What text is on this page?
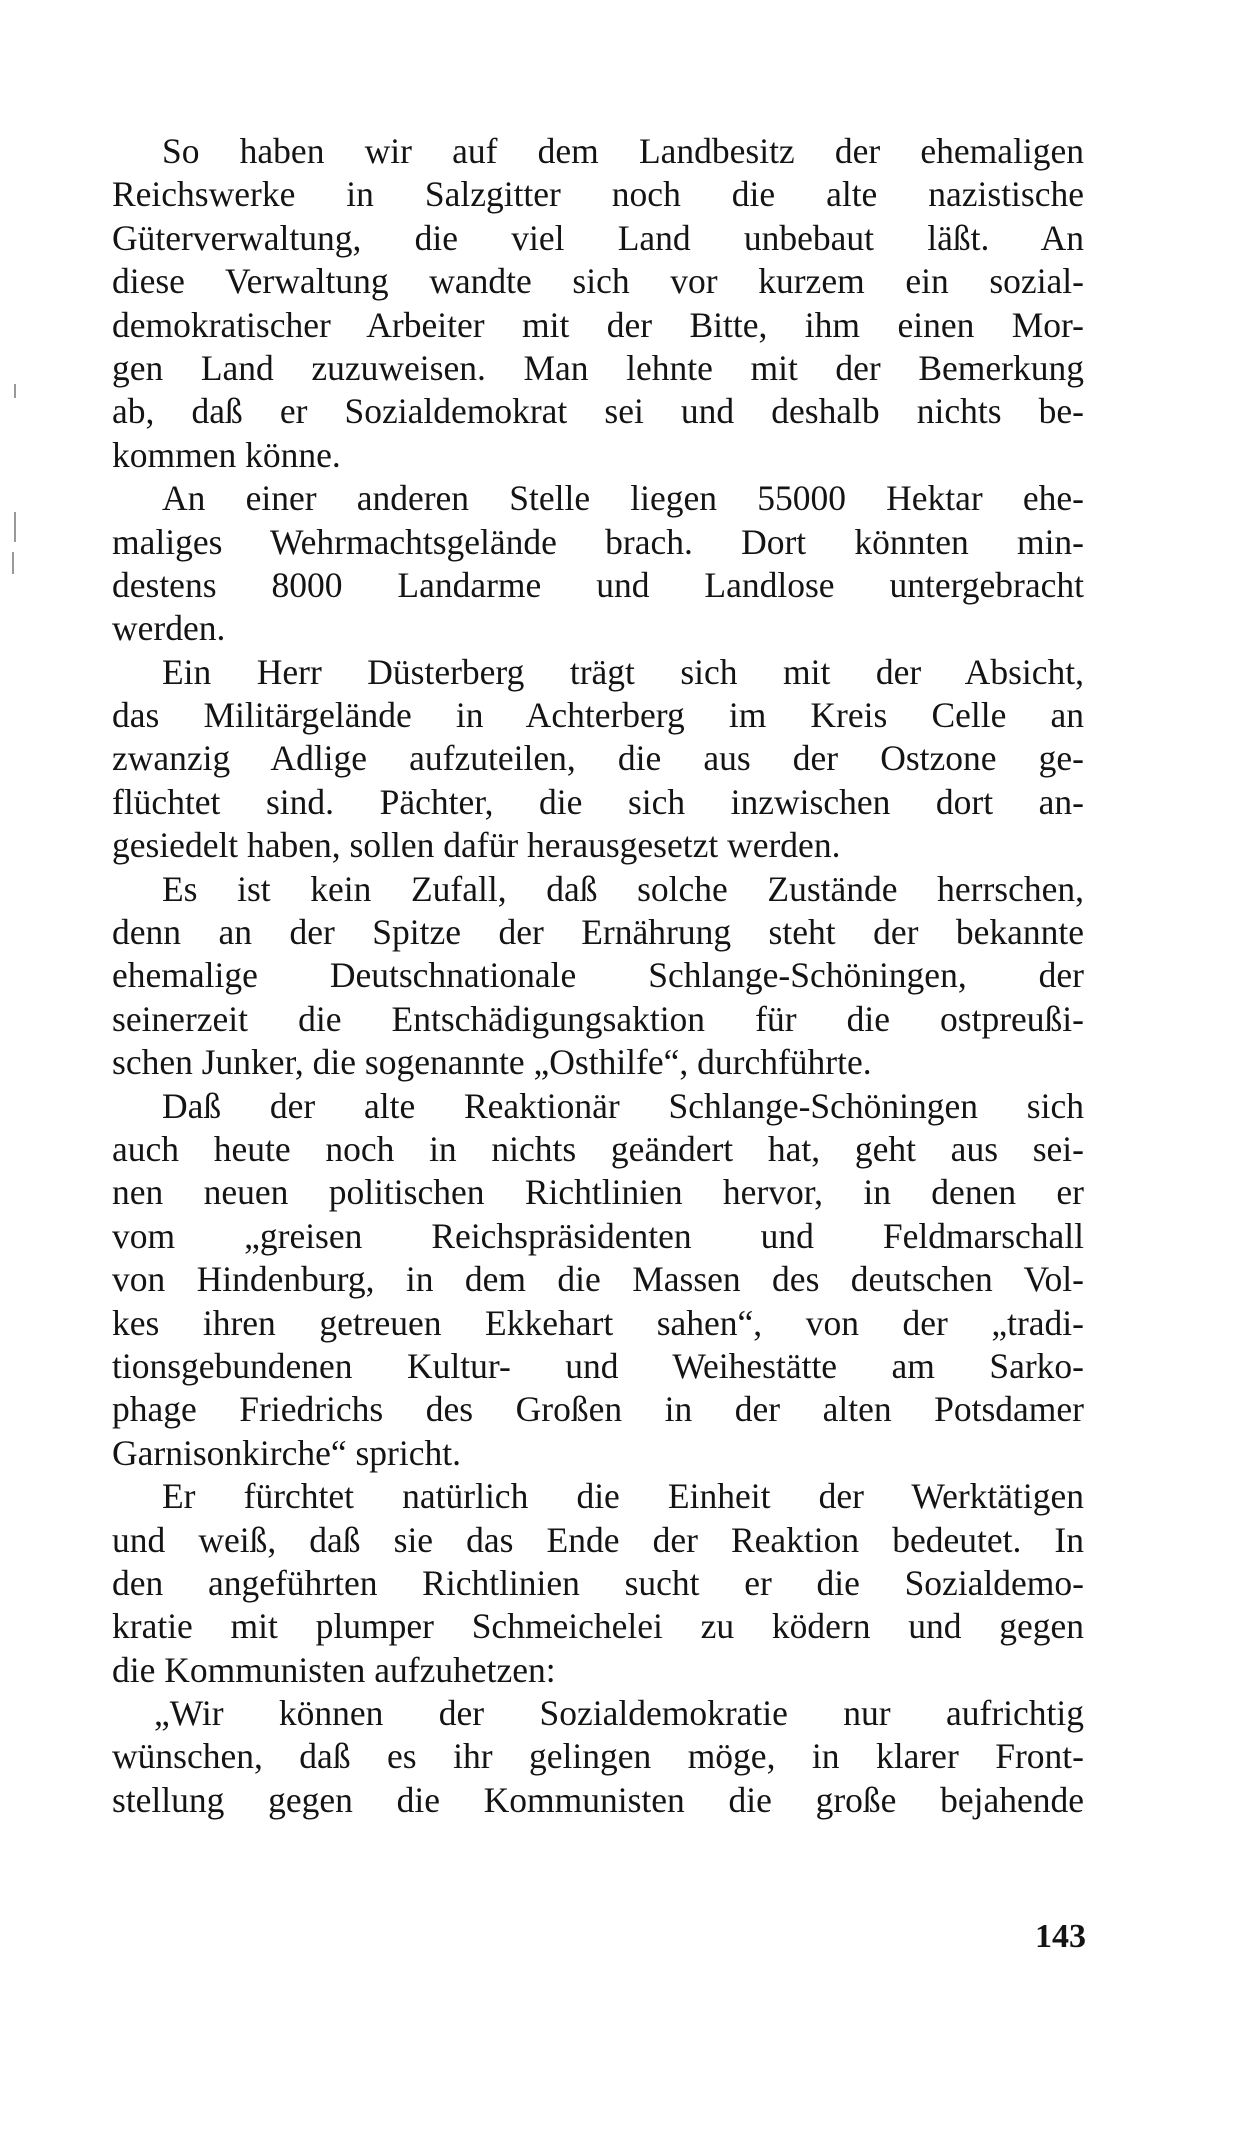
So haben wir auf dem Landbesitz der ehemaligen
Reichswerke in Salzgitter noch die alte nazistische
Güterverwaltung, die viel Land unbebaut läßt. An
diese Verwaltung wandte sich vor kurzem ein sozial-
demokratischer Arbeiter mit der Bitte, ihm einen Mor-
gen Land zuzuweisen. Man lehnte mit der Bemerkung
ab, daß er Sozialdemokrat sei und deshalb nichts be-
kommen könne.
An einer anderen Stelle liegen 55000 Hektar ehe-
maliges Wehrmachtsgelände brach. Dort könnten min-
destens 8000 Landarme und Landlose untergebracht
werden.
Ein Herr Düsterberg trägt sich mit der Absicht,
das Militärgelände in Achterberg im Kreis Celle an
zwanzig Adlige aufzuteilen, die aus der Ostzone ge-
flüchtet sind. Pächter, die sich inzwischen dort an-
gesiedelt haben, sollen dafür herausgesetzt werden.
Es ist kein Zufall, daß solche Zustände herrschen,
denn an der Spitze der Ernährung steht der bekannte
ehemalige Deutschnationale Schlange-Schöningen, der
seinerzeit die Entschädigungsaktion für die ostpreußi-
schen Junker, die sogenannte „Osthilfe“, durchführte.
Daß der alte Reaktionär Schlange-Schöningen sich
auch heute noch in nichts geändert hat, geht aus sei-
nen neuen politischen Richtlinien hervor, in denen er
vom „greisen Reichspräsidenten und Feldmarschall
von Hindenburg, in dem die Massen des deutschen Vol-
kes ihren getreuen Ekkehart sahen“, von der „tradi-
tionsgebundenen Kultur- und Weihestätte am Sarko-
phage Friedrichs des Großen in der alten Potsdamer
Garnisonkirche“ spricht.
Er fürchtet natürlich die Einheit der Werktätigen
und weiß, daß sie das Ende der Reaktion bedeutet. In
den angeführten Richtlinien sucht er die Sozialdemo-
kratie mit plumper Schmeichelei zu ködern und gegen
die Kommunisten aufzuhetzen:
„Wir können der Sozialdemokratie nur aufrichtig
wünschen, daß es ihr gelingen möge, in klarer Front-
stellung gegen die Kommunisten die große bejahende
143
